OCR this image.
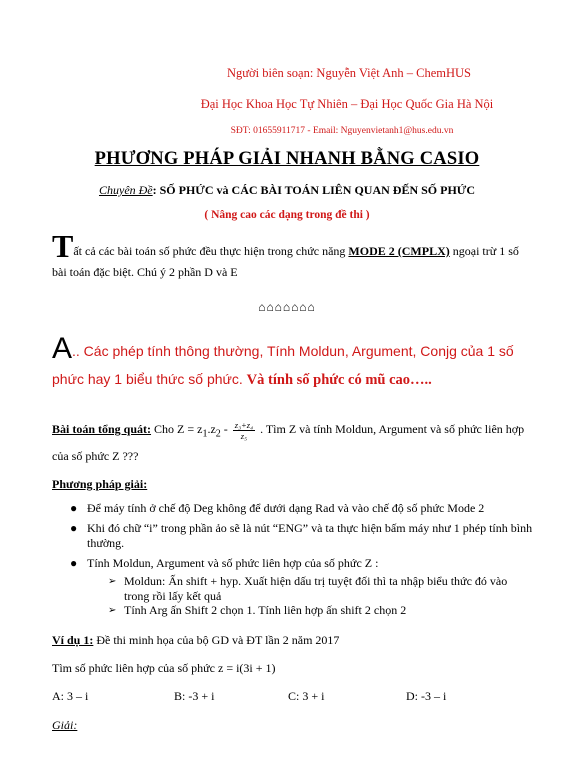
Người biên soạn: Nguyễn Việt Anh – ChemHUS
Đại Học Khoa Học Tự Nhiên – Đại Học Quốc Gia Hà Nội
SĐT: 01655911717 - Email: Nguyenvietanh1@hus.edu.vn
PHƯƠNG PHÁP GIẢI NHANH BẰNG CASIO
Chuyên Đề: SỐ PHỨC và CÁC BÀI TOÁN LIÊN QUAN ĐẾN SỐ PHỨC
( Nâng cao các dạng trong đề thi )
Tất cả các bài toán số phức đều thực hiện trong chức năng MODE 2 (CMPLX) ngoại trừ 1 số bài toán đặc biệt. Chú ý 2 phần D và E
⌂⌂⌂⌂⌂⌂⌂
A.. Các phép tính thông thường, Tính Moldun, Argument, Conjg của 1 số phức hay 1 biểu thức số phức. Và tính số phức có mũ cao…..
Bài toán tổng quát: Cho $Z = z_1.z_2 - \frac{\text{z₃+z₄}}{\text{z₅}}$ . Tìm Z và tính Moldun, Argument và số phức liên hợp của số phức Z ???
Phương pháp giải:
● Để máy tính ở chế độ Deg không để dưới dạng Rad và vào chế độ số phức Mode 2
● Khi đó chữ “i” trong phần ảo sẽ là nút “ENG” và ta thực hiện bấm máy như 1 phép tính bình thường.
● Tính Moldun, Argument và số phức liên hợp của số phức Z :
➢ Moldun: Ấn shift + hyp. Xuất hiện dấu trị tuyệt đối thì ta nhập biểu thức đó vào trong rồi lấy kết quả
➢ Tính Arg ấn Shift 2 chọn 1. Tính liên hợp ấn shift 2 chọn 2
Ví dụ 1: Đề thi minh họa của bộ GD và ĐT lần 2 năm 2017
Tìm số phức liên hợp của số phức z = i(3i + 1)
A: 3 – i	B: -3 + i	C: 3 + i	D: -3 – i
Giải:
